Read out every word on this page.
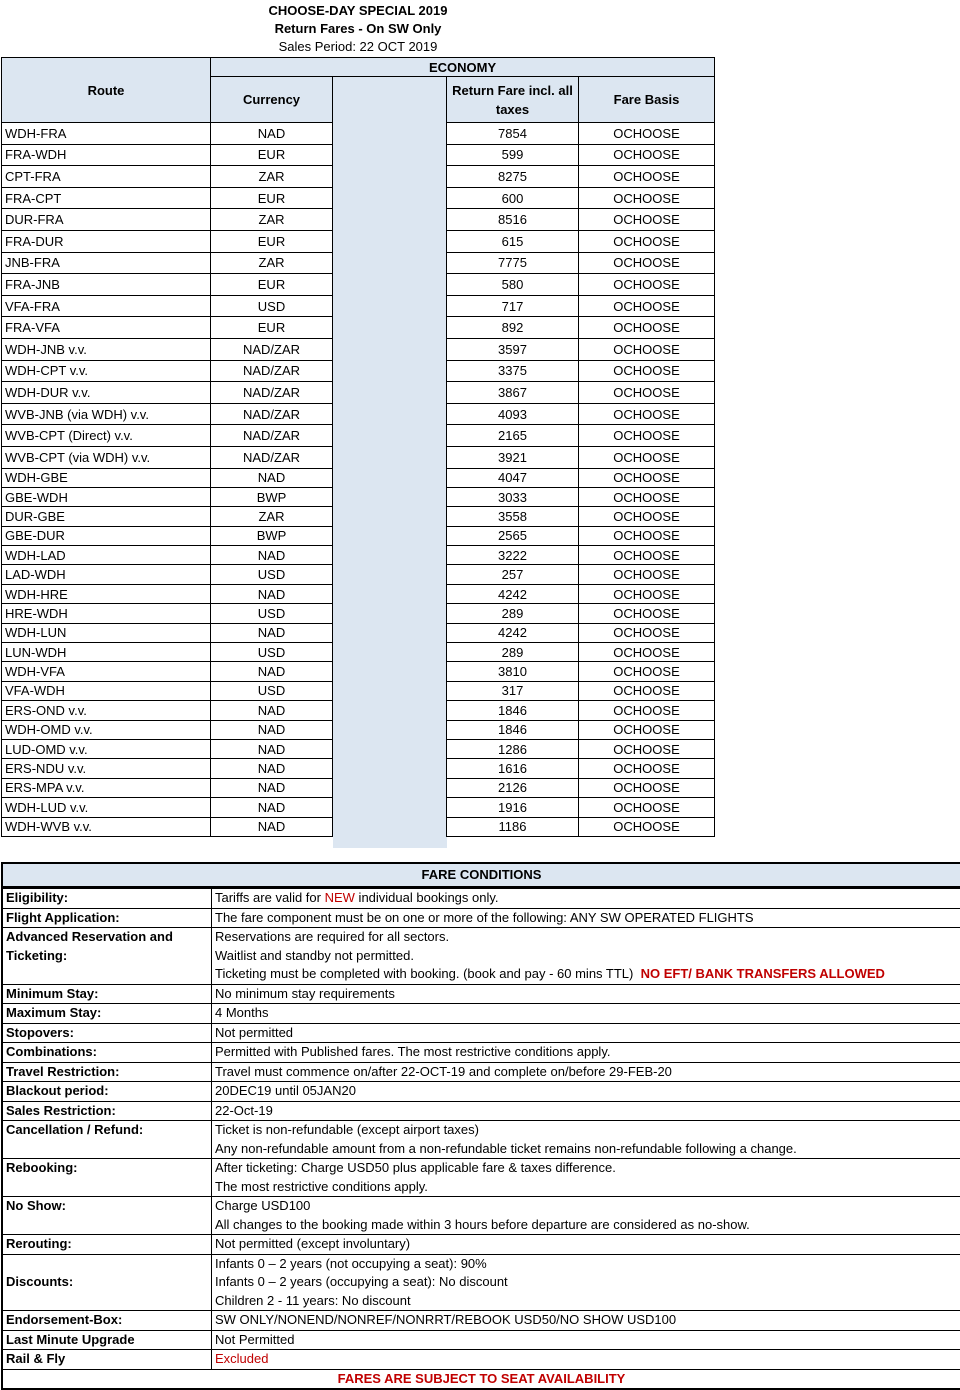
CHOOSE-DAY SPECIAL 2019
Return Fares - On SW Only
Sales Period: 22 OCT 2019
Route	ECONOMY			
	Currency		Return Fare incl. all taxes	Fare Basis
WDH-FRA	NAD		7854	OCHOOSE
FRA-WDH	EUR		599	OCHOOSE
CPT-FRA	ZAR		8275	OCHOOSE
FRA-CPT	EUR		600	OCHOOSE
DUR-FRA	ZAR		8516	OCHOOSE
FRA-DUR	EUR		615	OCHOOSE
JNB-FRA	ZAR		7775	OCHOOSE
FRA-JNB	EUR		580	OCHOOSE
VFA-FRA	USD		717	OCHOOSE
FRA-VFA	EUR		892	OCHOOSE
WDH-JNB v.v.	NAD/ZAR		3597	OCHOOSE
WDH-CPT v.v.	NAD/ZAR		3375	OCHOOSE
WDH-DUR v.v.	NAD/ZAR		3867	OCHOOSE
WVB-JNB (via WDH) v.v.	NAD/ZAR		4093	OCHOOSE
WVB-CPT (Direct) v.v.	NAD/ZAR		2165	OCHOOSE
WVB-CPT (via WDH) v.v.	NAD/ZAR		3921	OCHOOSE
WDH-GBE	NAD		4047	OCHOOSE
GBE-WDH	BWP		3033	OCHOOSE
DUR-GBE	ZAR		3558	OCHOOSE
GBE-DUR	BWP		2565	OCHOOSE
WDH-LAD	NAD		3222	OCHOOSE
LAD-WDH	USD		257	OCHOOSE
WDH-HRE	NAD		4242	OCHOOSE
HRE-WDH	USD		289	OCHOOSE
WDH-LUN	NAD		4242	OCHOOSE
LUN-WDH	USD		289	OCHOOSE
WDH-VFA	NAD		3810	OCHOOSE
VFA-WDH	USD		317	OCHOOSE
ERS-OND v.v.	NAD		1846	OCHOOSE
WDH-OMD v.v.	NAD		1846	OCHOOSE
LUD-OMD v.v.	NAD		1286	OCHOOSE
ERS-NDU v.v.	NAD		1616	OCHOOSE
ERS-MPA v.v.	NAD		2126	OCHOOSE
WDH-LUD v.v.	NAD		1916	OCHOOSE
WDH-WVB v.v.	NAD		1186	OCHOOSE

FARE CONDITIONS
Eligibility:	Tariffs are valid for NEW individual bookings only.

Flight Application:	The fare component must be on one or more of the following: ANY SW OPERATED FLIGHTS

Advanced Reservation and
Ticketing:	Reservations are required for all sectors.

	Waitlist and standby not permitted.

	Ticketing must be completed with booking. (book and pay - 60 mins TTL)  NO EFT/ BANK TRANSFERS ALLOWED

Minimum Stay:	No minimum stay requirements

Maximum Stay:	4 Months

Stopovers:	Not permitted

Combinations:	Permitted with Published fares. The most restrictive conditions apply.

Travel Restriction:	Travel must commence on/after 22-OCT-19 and complete on/before 29-FEB-20

Blackout period:	20DEC19 until 05JAN20

Sales Restriction:	22-Oct-19

Cancellation / Refund:	Ticket is non-refundable (except airport taxes)

	Any non-refundable amount from a non-refundable ticket remains non-refundable following a change.

Rebooking:	After ticketing: Charge USD50 plus applicable fare & taxes difference.

	The most restrictive conditions apply.

No Show:	Charge USD100

	All changes to the booking made within 3 hours before departure are considered as no-show.

Rerouting:	Not permitted (except involuntary)

Discounts:	Infants 0 – 2 years (not occupying a seat): 90%

	Infants 0 – 2 years (occupying a seat): No discount

	Children 2 - 11 years: No discount

Endorsement-Box:	SW ONLY/NONEND/NONREF/NONRRT/REBOOK USD50/NO SHOW USD100

Last Minute Upgrade	Not Permitted

Rail & Fly	Excluded
FARES ARE SUBJECT TO SEAT AVAILABILITY
